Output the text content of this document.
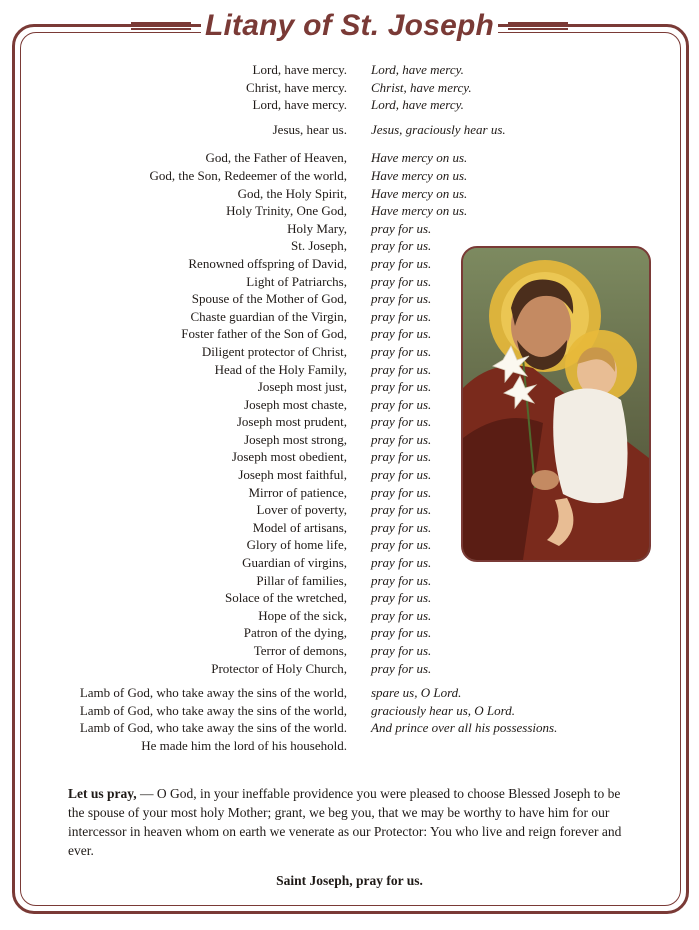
Litany of St. Joseph
Lord, have mercy.	Lord, have mercy.
Christ, have mercy.	Christ, have mercy.
Lord, have mercy.	Lord, have mercy.
Jesus, hear us.	Jesus, graciously hear us.
God, the Father of Heaven,	Have mercy on us.
God, the Son, Redeemer of the world,	Have mercy on us.
God, the Holy Spirit,	Have mercy on us.
Holy Trinity, One God,	Have mercy on us.
Holy Mary,	pray for us.
St. Joseph,	pray for us.
Renowned offspring of David,	pray for us.
Light of Patriarchs,	pray for us.
Spouse of the Mother of God,	pray for us.
Chaste guardian of the Virgin,	pray for us.
Foster father of the Son of God,	pray for us.
Diligent protector of Christ,	pray for us.
Head of the Holy Family,	pray for us.
Joseph most just,	pray for us.
Joseph most chaste,	pray for us.
Joseph most prudent,	pray for us.
Joseph most strong,	pray for us.
Joseph most obedient,	pray for us.
Joseph most faithful,	pray for us.
Mirror of patience,	pray for us.
Lover of poverty,	pray for us.
Model of artisans,	pray for us.
Glory of home life,	pray for us.
Guardian of virgins,	pray for us.
Pillar of families,	pray for us.
Solace of the wretched,	pray for us.
Hope of the sick,	pray for us.
Patron of the dying,	pray for us.
Terror of demons,	pray for us.
Protector of Holy Church,	pray for us.
Lamb of God, who take away the sins of the world,	spare us, O Lord.
Lamb of God, who take away the sins of the world,	graciously hear us, O Lord.
Lamb of God, who take away the sins of the world.	And prince over all his possessions.
He made him the lord of his household.
Let us pray, — O God, in your ineffable providence you were pleased to choose Blessed Joseph to be the spouse of your most holy Mother; grant, we beg you, that we may be worthy to have him for our intercessor in heaven whom on earth we venerate as our Protector: You who live and reign forever and ever.
Saint Joseph, pray for us.
